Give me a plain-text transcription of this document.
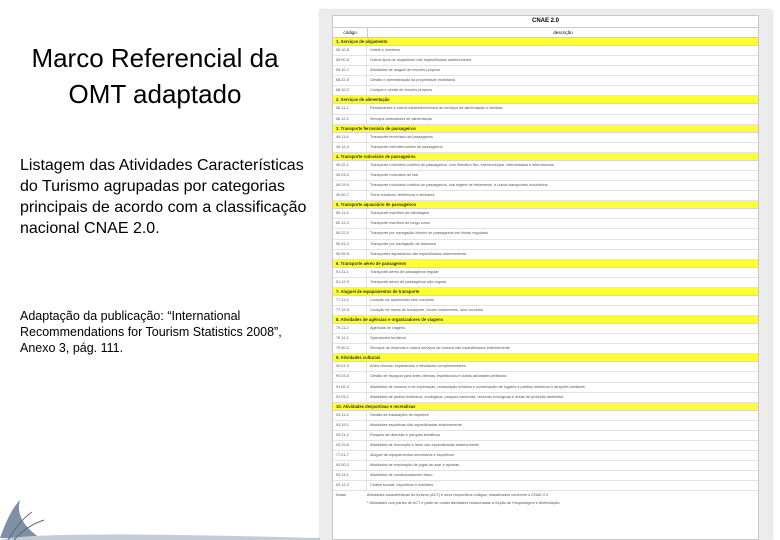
Marco Referencial da OMT adaptado
Listagem das Atividades Características do Turismo agrupadas por categorias principais de acordo com a classificação nacional CNAE 2.0.
Adaptação da publicação: “International Recommendations for Tourism Statistics 2008”, Anexo 3, pág. 111.
CNAE 2.0
código	descrição
1. Serviços de alojamento
55.10-8	Hotéis e similares
55.90-6	Outros tipos de alojamento não especificados anteriormente
55.10-7	Atividades de aluguel de imóveis próprios
68.22-6	Gestão e administração da propriedade imobiliária
68.10-2	Compra e venda de imóveis próprios
2. Serviços de alimentação
56.11-2	Restaurantes e outros estabelecimentos de serviços de alimentação e bebidas
56.12-1	Serviços ambulantes de alimentação
3. Transporte ferroviário de passageiros
49.11-6	Transporte ferroviário de passageiros
49.12-4	Transporte metroferroviário de passageiros
4. Transporte rodoviário de passageiros
49.22-1	Transporte rodoviário coletivo de passageiros, com itinerário fixo, intermunicipal, interestadual e internacional
49.23-0	Transporte rodoviário de táxi
49.29-9	Transporte rodoviário coletivo de passageiros, sob regime de fretamento, e outros transportes rodoviários
49.50-7	Trens turísticos, teleféricos e similares
5. Transporte aquaviário de passageiros
50.11-4	Transporte marítimo de cabotagem
50.12-2	Transporte marítimo de longo curso
50.22-0	Transporte por navegação interior de passageiros em linhas regulares
50.91-2	Transporte por navegação de travessia
50.99-8	Transportes aquaviários não especificados anteriormente
6. Transporte aéreo de passageiros
51.11-1	Transporte aéreo de passageiros regular
51.12-9	Transporte aéreo de passageiros não-regular
7. Aluguel de equipamentos de transporte
77.11-0	Locação de automóveis sem condutor
77.19-5	Locação de meios de transporte, exceto automóveis, sem condutor
8. Atividades de agências e organizadores de viagens
79.11-2	Agências de viagens
79.12-1	Operadores turísticos
79.90-2	Serviços de reservas e outros serviços de turismo não especificados anteriormente
9. Atividades culturais
90.01-9	Artes cênicas, espetáculos e atividades complementares
90.03-5	Gestão de espaços para artes cênicas, espetáculos e outras atividades artísticas
91.02-3	Atividades de museus e de exploração, restauração artística e conservação de lugares e prédios históricos e atrações similares
91.03-1	Atividades de jardins botânicos, zoológicos, parques nacionais, reservas ecológicas e áreas de proteção ambiental
10. Atividades desportivas e recreativas
93.11-5	Gestão de instalações de esportes
93.19-1	Atividades esportivas não especificadas anteriormente
93.21-2	Parques de diversão e parques temáticos
93.29-8	Atividades de recreação e lazer não especificadas anteriormente
77.21-7	Aluguel de equipamentos recreativos e esportivos
92.00-3	Atividades de exploração de jogos de azar e apostas
93.13-1	Atividades de condicionamento físico
93.12-3	Clubes sociais, esportivos e similares
Notas	Atividades características do turismo (ACT) e seus respectivos códigos, classificados conforme a CNAE 2.0
* Atividades com partes de ACT e parte de outras atividades relacionadas à Seção de Hospedagem e Alimentação
